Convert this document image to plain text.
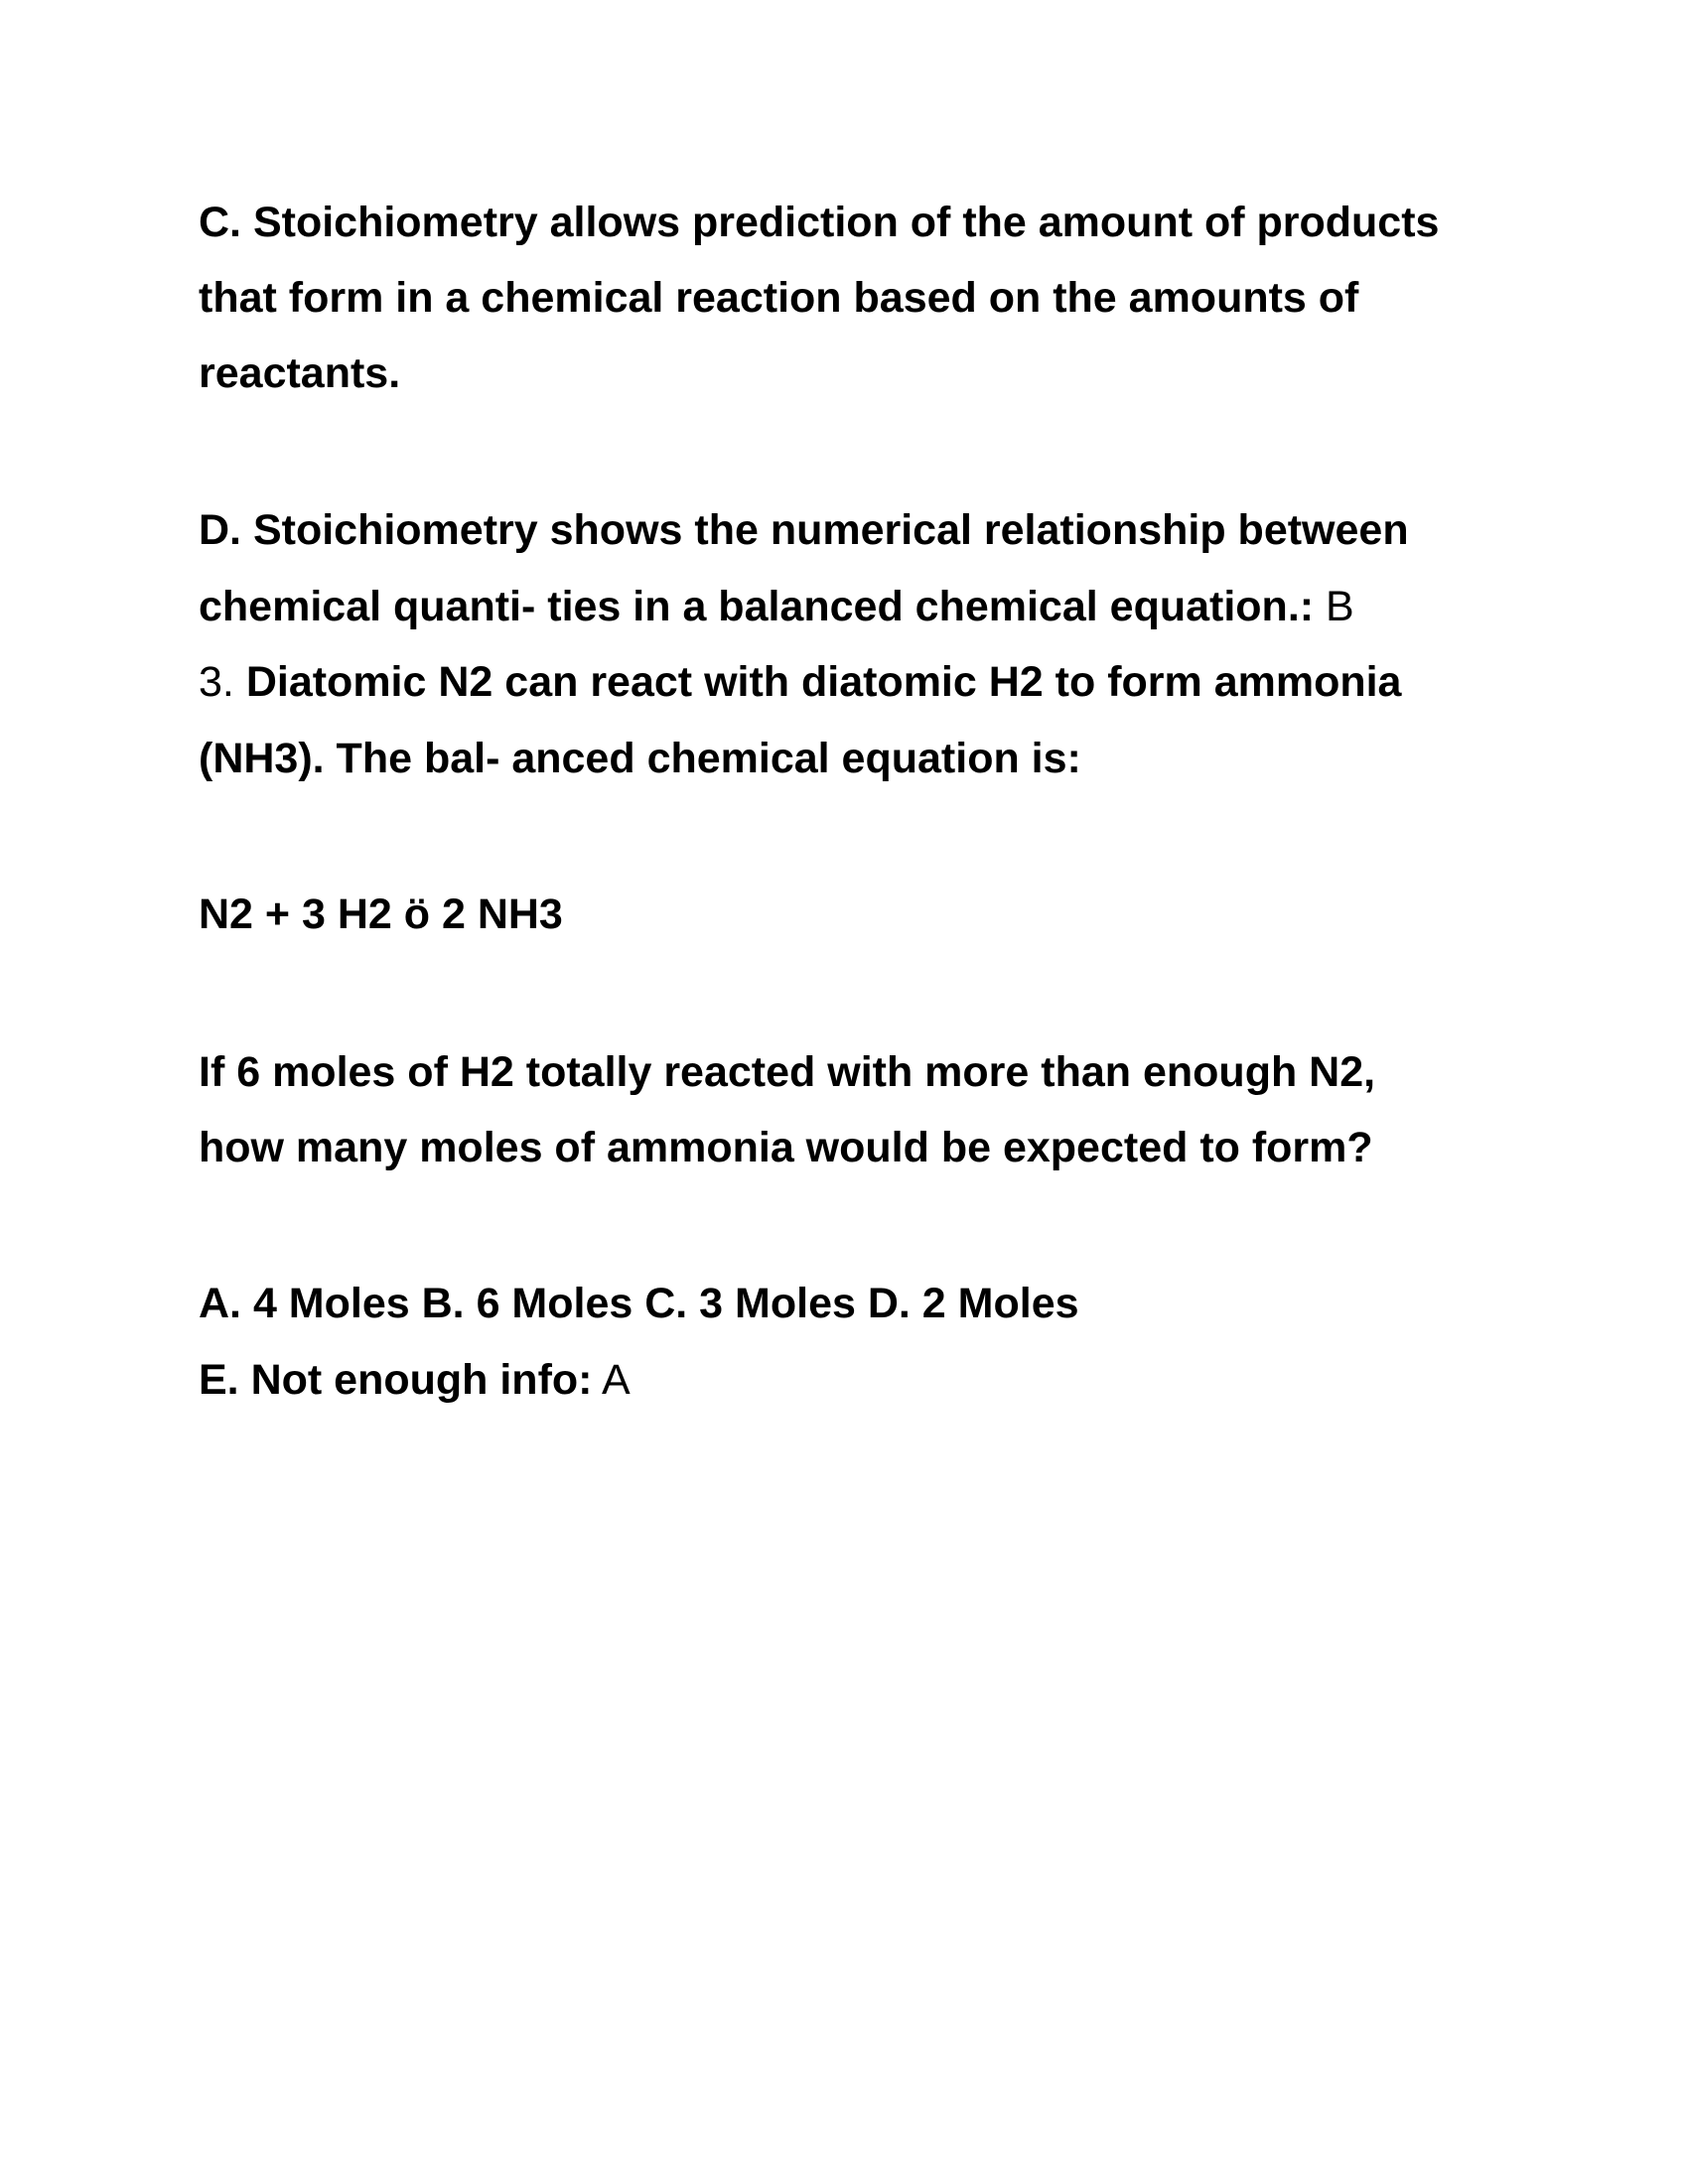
C. Stoichiometry allows prediction of the amount of products

that form in a chemical reaction based on the amounts of

reactants.

D. Stoichiometry shows the numerical relationship between

chemical quanti- ties in a balanced chemical equation.: B

3. Diatomic N2 can react with diatomic H2 to form ammonia

(NH3). The bal- anced chemical equation is:

N2 + 3 H2 ö 2 NH3

If 6 moles of H2 totally reacted with more than enough N2,

how many moles of ammonia would be expected to form?

A. 4 Moles B. 6 Moles C. 3 Moles D. 2 Moles

E. Not enough info: A
